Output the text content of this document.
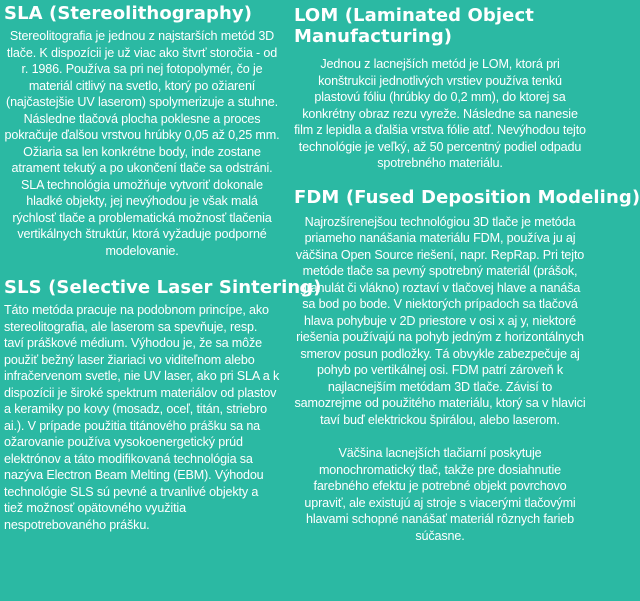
SLA (Stereolithography)

Stereolitografia je jednou z najstarších metód 3D tlače. K dispozícii je už viac ako štvrť storočia - od r. 1986. Používa sa pri nej fotopolymér, čo je materiál citlivý na svetlo, ktorý po ožiarení (najčastejšie UV laserom) spolymerizuje a stuhne. Následne tlačová plocha poklesne a proces pokračuje ďalšou vrstvou hrúbky 0,05 až 0,25 mm. Ožiaria sa len konkrétne body, inde zostane atrament tekutý a po ukončení tlače sa odstráni. SLA technológia umožňuje vytvoriť dokonale hladké objekty, jej nevýhodou je však malá rýchlosť tlače a problematická možnosť tlačenia vertikálnych štruktúr, ktorá vyžaduje podporné modelovanie.

SLS (Selective Laser Sintering)

Táto metóda pracuje na podobnom princípe, ako stereolitografia, ale laserom sa spevňuje, resp. taví práškové médium. Výhodou je, že sa môže použiť bežný laser žiariaci vo viditeľnom alebo infračervenom svetle, nie UV laser, ako pri SLA a k dispozícii je široké spektrum materiálov od plastov a keramiky po kovy (mosadz, oceľ, titán, striebro ai.). V prípade použitia titánového prášku sa na ožarovanie používa vysokoenergetický prúd elektrónov a táto modifikovaná technológia sa nazýva Electron Beam Melting (EBM). Výhodou technológie SLS sú pevné a trvanlivé objekty a tiež možnosť opätovného využitia nespotrebovaného prášku.

LOM (Laminated Object Manufacturing)

Jednou z lacnejších metód je LOM, ktorá pri konštrukcii jednotlivých vrstiev používa tenkú plastovú fóliu (hrúbky do 0,2 mm), do ktorej sa konkrétny obraz rezu vyreže. Následne sa nanesie film z lepidla a ďalšia vrstva fólie atď. Nevýhodou tejto technológie je veľký, až 50 percentný podiel odpadu spotrebného materiálu.

FDM (Fused Deposition Modeling)

Najrozšírenejšou technológiou 3D tlače je metóda priameho nanášania materiálu FDM, používa ju aj väčšina Open Source riešení, napr. RepRap. Pri tejto metóde tlače sa pevný spotrebný materiál (prášok, granulát či vlákno) roztaví v tlačovej hlave a nanáša sa bod po bode. V niektorých prípadoch sa tlačová hlava pohybuje v 2D priestore v osi x aj y, niektoré riešenia používajú na pohyb jedným z horizontálnych smerov posun podložky. Tá obvykle zabezpečuje aj pohyb po vertikálnej osi. FDM patrí zároveň k najlacnejším metódam 3D tlače. Závisí to samozrejme od použitého materiálu, ktorý sa v hlavici taví buď elektrickou špirálou, alebo laserom.

Väčšina lacnejších tlačiarní poskytuje monochromatický tlač, takže pre dosiahnutie farebného efektu je potrebné objekt povrchovo upraviť, ale existujú aj stroje s viacerými tlačovými hlavami schopné nanášať materiál rôznych farieb súčasne.
